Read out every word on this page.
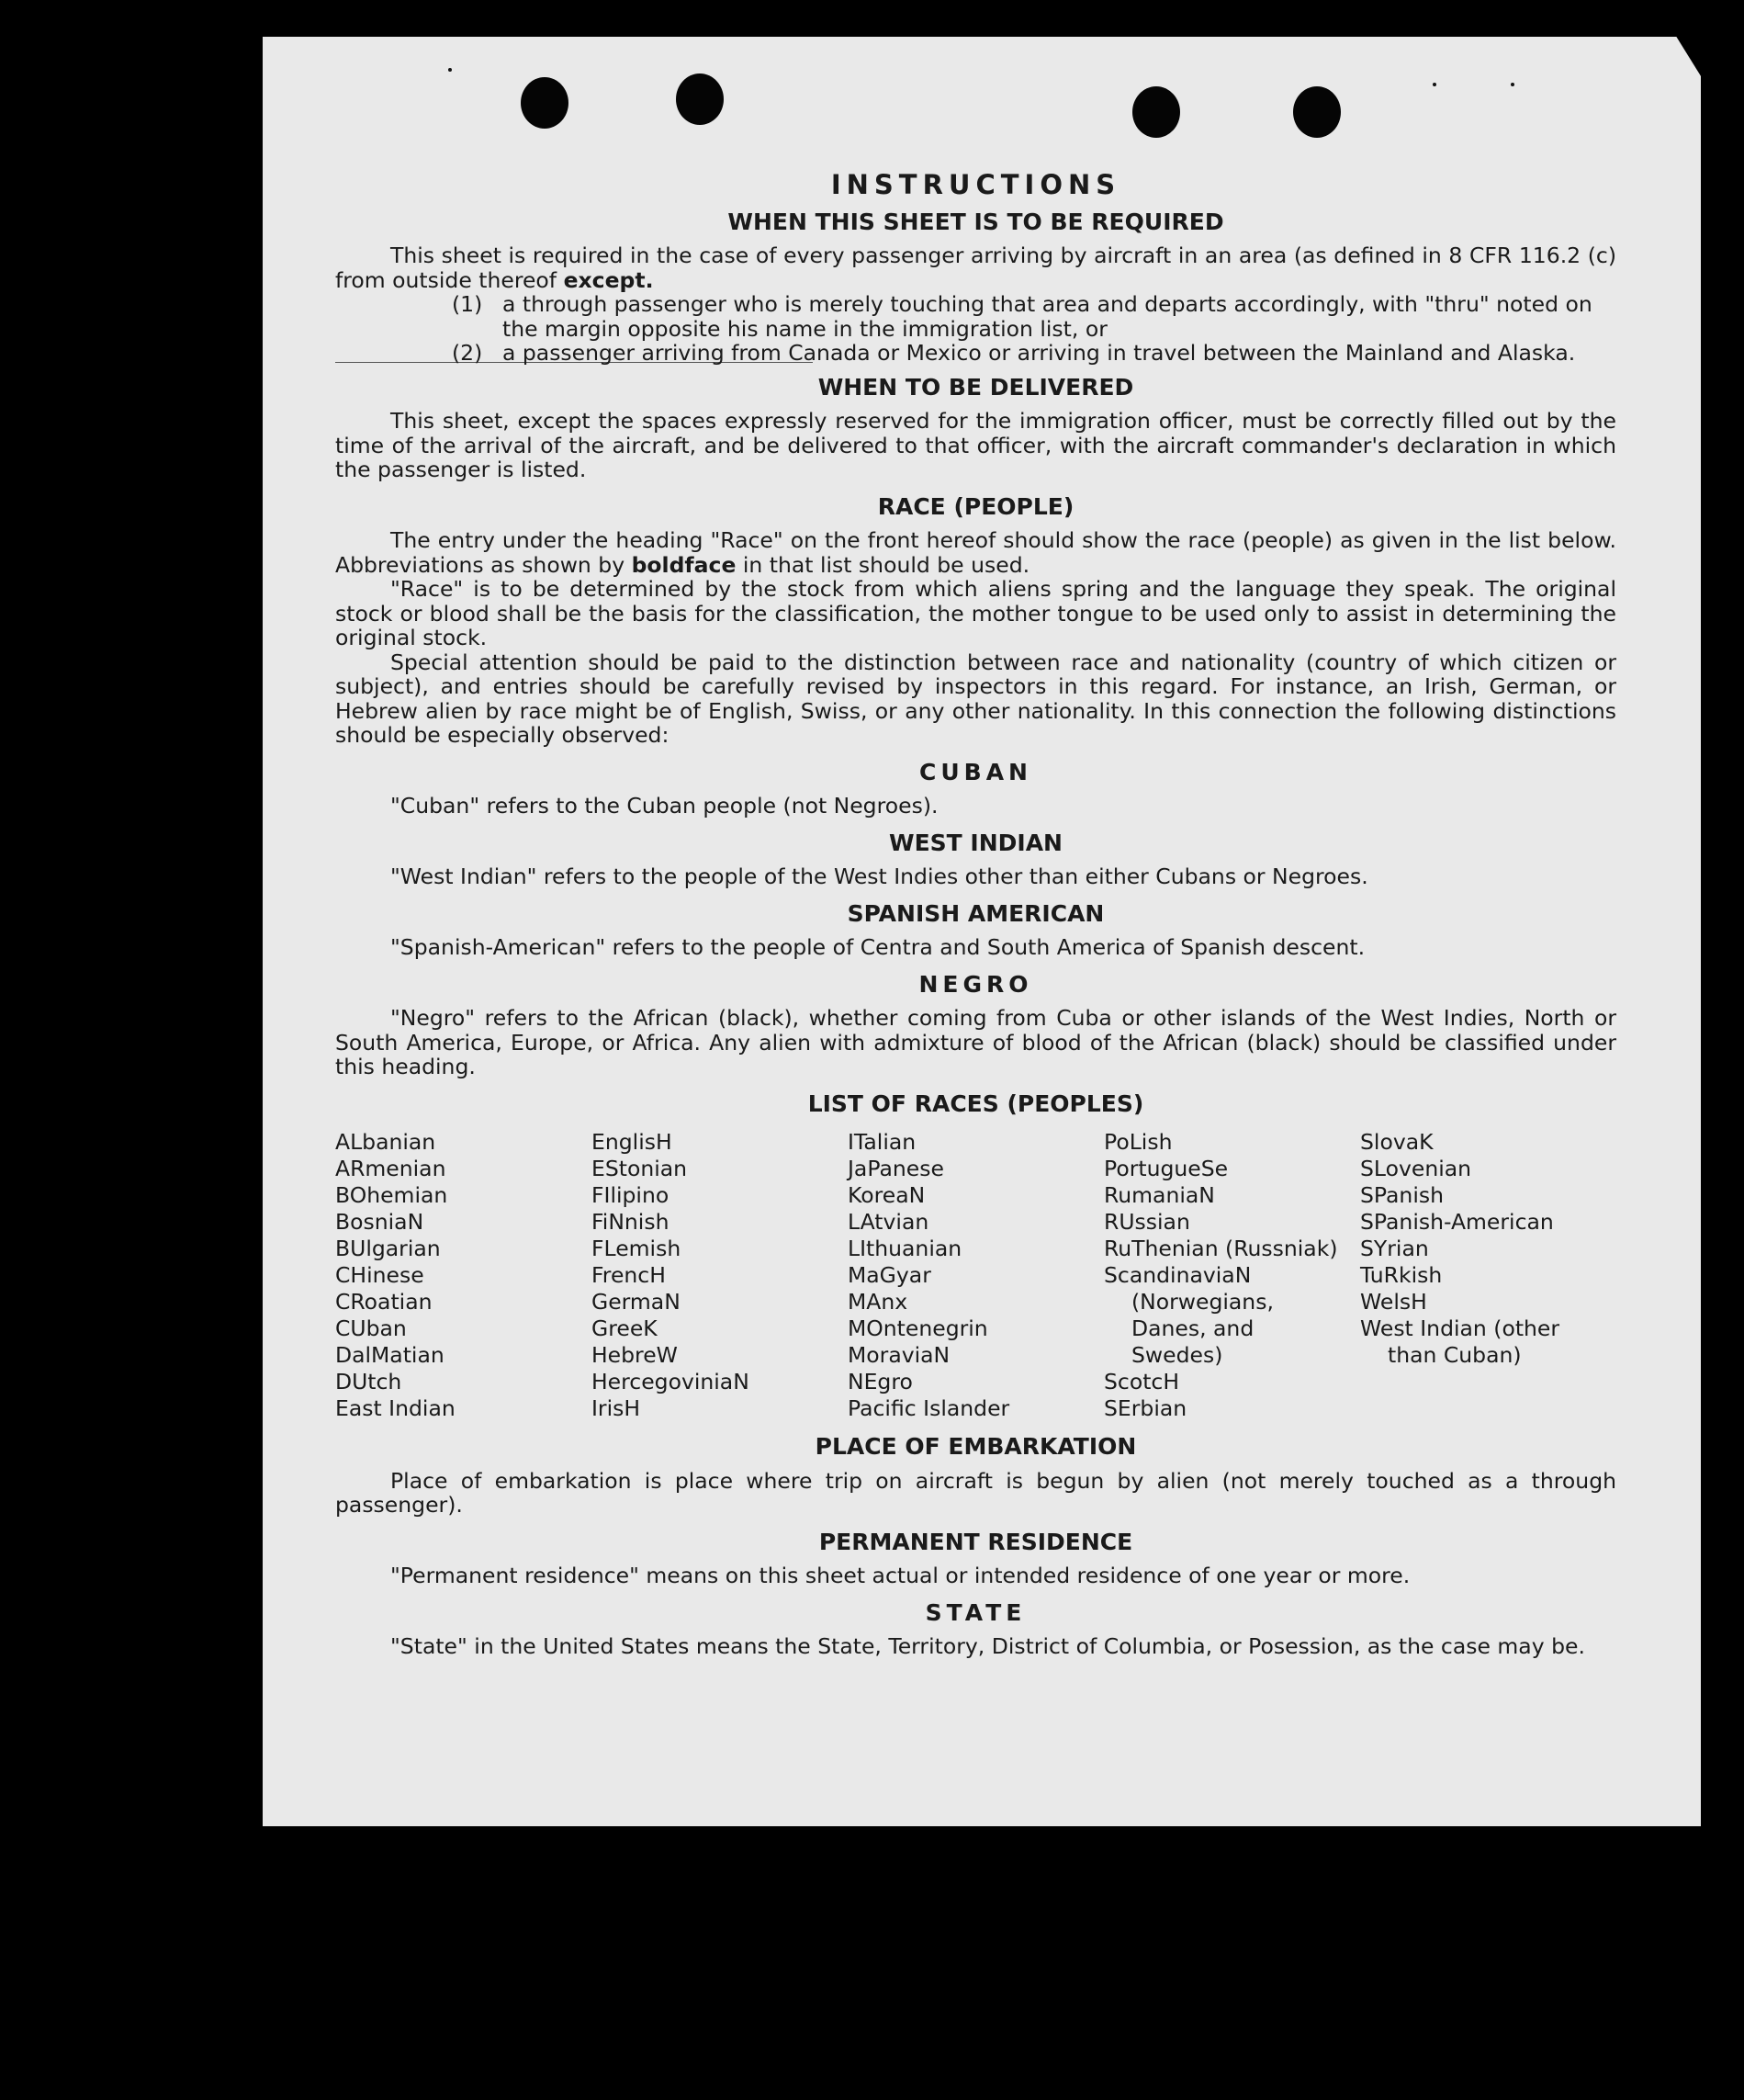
INSTRUCTIONS
WHEN THIS SHEET IS TO BE REQUIRED

This sheet is required in the case of every passenger arriving by aircraft in an area (as defined in 8 CFR 116.2 (c) from outside thereof except.

(1) a through passenger who is merely touching that area and departs accordingly, with "thru" noted on the margin opposite his name in the immigration list, or
(2) a passenger arriving from Canada or Mexico or arriving in travel between the Mainland and Alaska.
WHEN TO BE DELIVERED

This sheet, except the spaces expressly reserved for the immigration officer, must be correctly filled out by the time of the arrival of the aircraft, and be delivered to that officer, with the aircraft commander's declaration in which the passenger is listed.

RACE (PEOPLE)

The entry under the heading "Race" on the front hereof should show the race (people) as given in the list below. Abbreviations as shown by boldface in that list should be used.

"Race" is to be determined by the stock from which aliens spring and the language they speak. The original stock or blood shall be the basis for the classification, the mother tongue to be used only to assist in determining the original stock.

Special attention should be paid to the distinction between race and nationality (country of which citizen or subject), and entries should be carefully revised by inspectors in this regard. For instance, an Irish, German, or Hebrew alien by race might be of English, Swiss, or any other nationality. In this connection the following distinctions should be especially observed:

CUBAN

"Cuban" refers to the Cuban people (not Negroes).

WEST INDIAN

"West Indian" refers to the people of the West Indies other than either Cubans or Negroes.

SPANISH AMERICAN

"Spanish-American" refers to the people of Centra and South America of Spanish descent.

NEGRO

"Negro" refers to the African (black), whether coming from Cuba or other islands of the West Indies, North or South America, Europe, or Africa. Any alien with admixture of blood of the African (black) should be classified under this heading.

LIST OF RACES (PEOPLES)
ALbanian
ARmenian
BOhemian
BosniaN
BUlgarian
CHinese
CRoatian
CUban
DalMatian
DUtch
East Indian
EnglisH
EStonian
FIlipino
FiNnish
FLemish
FrencH
GermaN
GreeK
HebreW
HercegoviniaN
IrisH
ITalian
JaPanese
KoreaN
LAtvian
LIthuanian
MaGyar
MAnx
MOntenegrin
MoraviaN
NEgro
Pacific Islander
PoLish
PortugueSe
RumaniaN
RUssian
RuThenian (Russniak)
ScandinaviaN
(Norwegians,
Danes, and
Swedes)
ScotcH
SErbian
SlovaK
SLovenian
SPanish
SPanish-American
SYrian
TuRkish
WelsH
West Indian (other
than Cuban)
PLACE OF EMBARKATION

Place of embarkation is place where trip on aircraft is begun by alien (not merely touched as a through passenger).

PERMANENT RESIDENCE

"Permanent residence" means on this sheet actual or intended residence of one year or more.

STATE

"State" in the United States means the State, Territory, District of Columbia, or Posession, as the case may be.
